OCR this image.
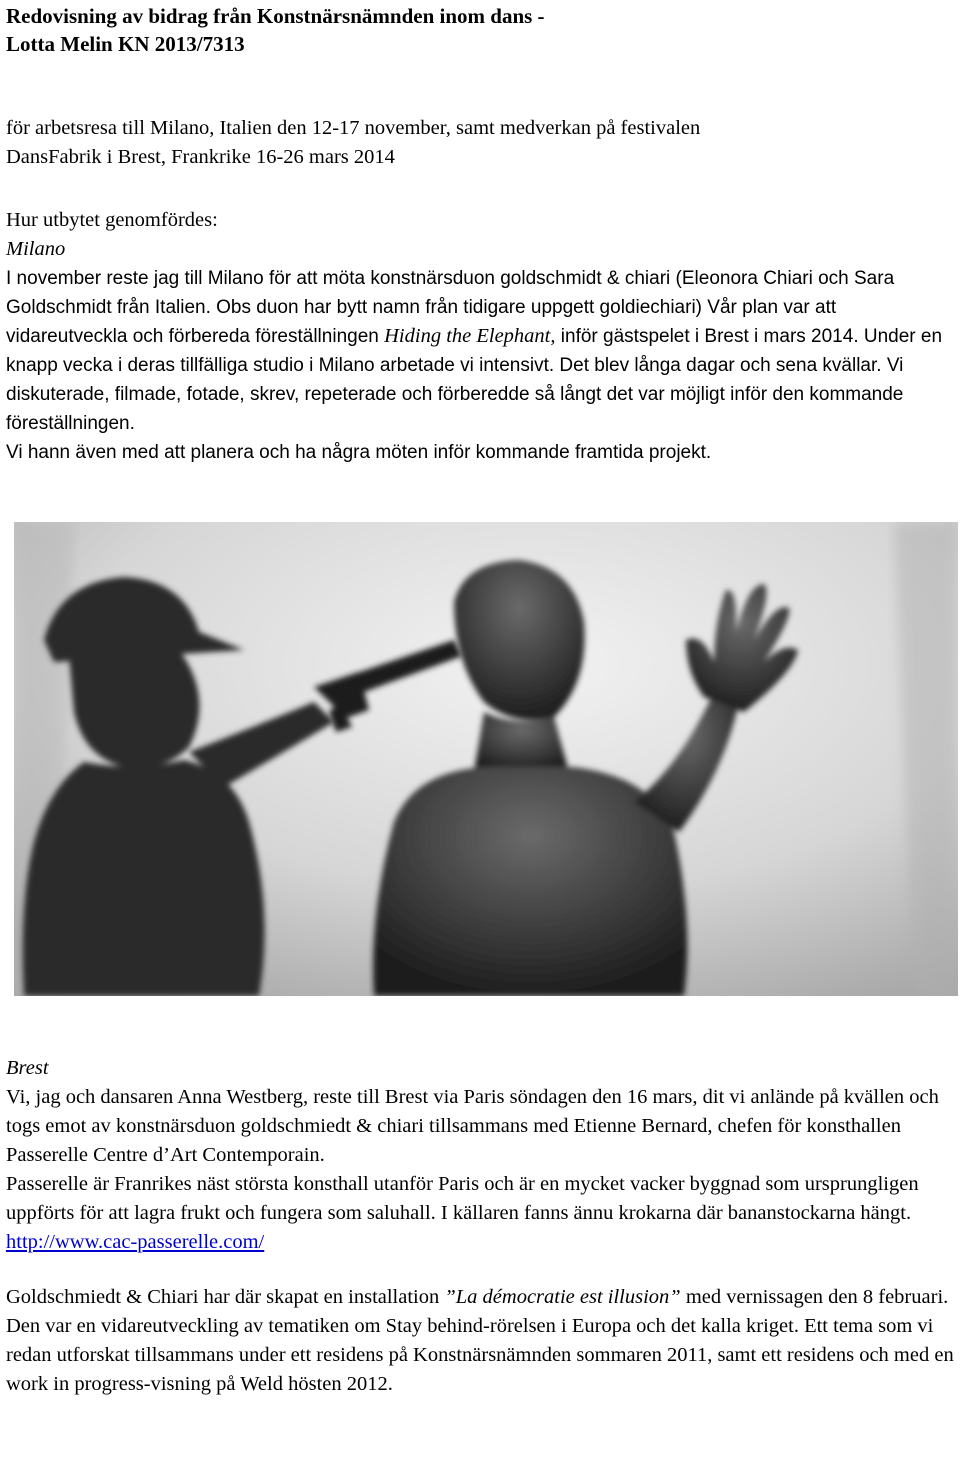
Redovisning av bidrag från Konstnärsnämnden inom dans -
Lotta Melin KN 2013/7313
för arbetsresa till Milano, Italien den 12-17 november, samt medverkan på festivalen
DansFabrik i Brest, Frankrike 16-26 mars 2014
Hur utbytet genomfördes:
Milano
I november reste jag till Milano för att möta konstnärsduon goldschmidt & chiari (Eleonora Chiari och Sara Goldschmidt från Italien. Obs duon har bytt namn från tidigare uppgett goldiechiari) Vår plan var att vidareutveckla och förbereda föreställningen Hiding the Elephant, inför gästspelet i Brest i mars 2014. Under en knapp vecka i deras tillfälliga studio i Milano arbetade vi intensivt. Det blev långa dagar och sena kvällar. Vi diskuterade, filmade, fotade, skrev, repeterade och förberedde så långt det var möjligt inför den kommande föreställningen.
Vi hann även med att planera och ha några möten inför kommande framtida projekt.
Brest
Vi, jag och dansaren Anna Westberg, reste till Brest via Paris söndagen den 16 mars, dit vi anlände på kvällen och togs emot av konstnärsduon goldschmiedt & chiari tillsammans med Etienne Bernard, chefen för konsthallen Passerelle Centre d’Art Contemporain.
Passerelle är Franrikes näst största konsthall utanför Paris och är en mycket vacker byggnad som ursprungligen uppförts för att lagra frukt och fungera som saluhall. I källaren fanns ännu krokarna där bananstockarna hängt.
http://www.cac-passerelle.com/
Goldschmiedt & Chiari har där skapat en installation ”La démocratie est illusion” med vernissagen den 8 februari. Den var en vidareutveckling av tematiken om Stay behind-rörelsen i Europa och det kalla kriget. Ett tema som vi redan utforskat tillsammans under ett residens på Konstnärsnämnden sommaren 2011, samt ett residens och med en work in progress-visning på Weld hösten 2012.
